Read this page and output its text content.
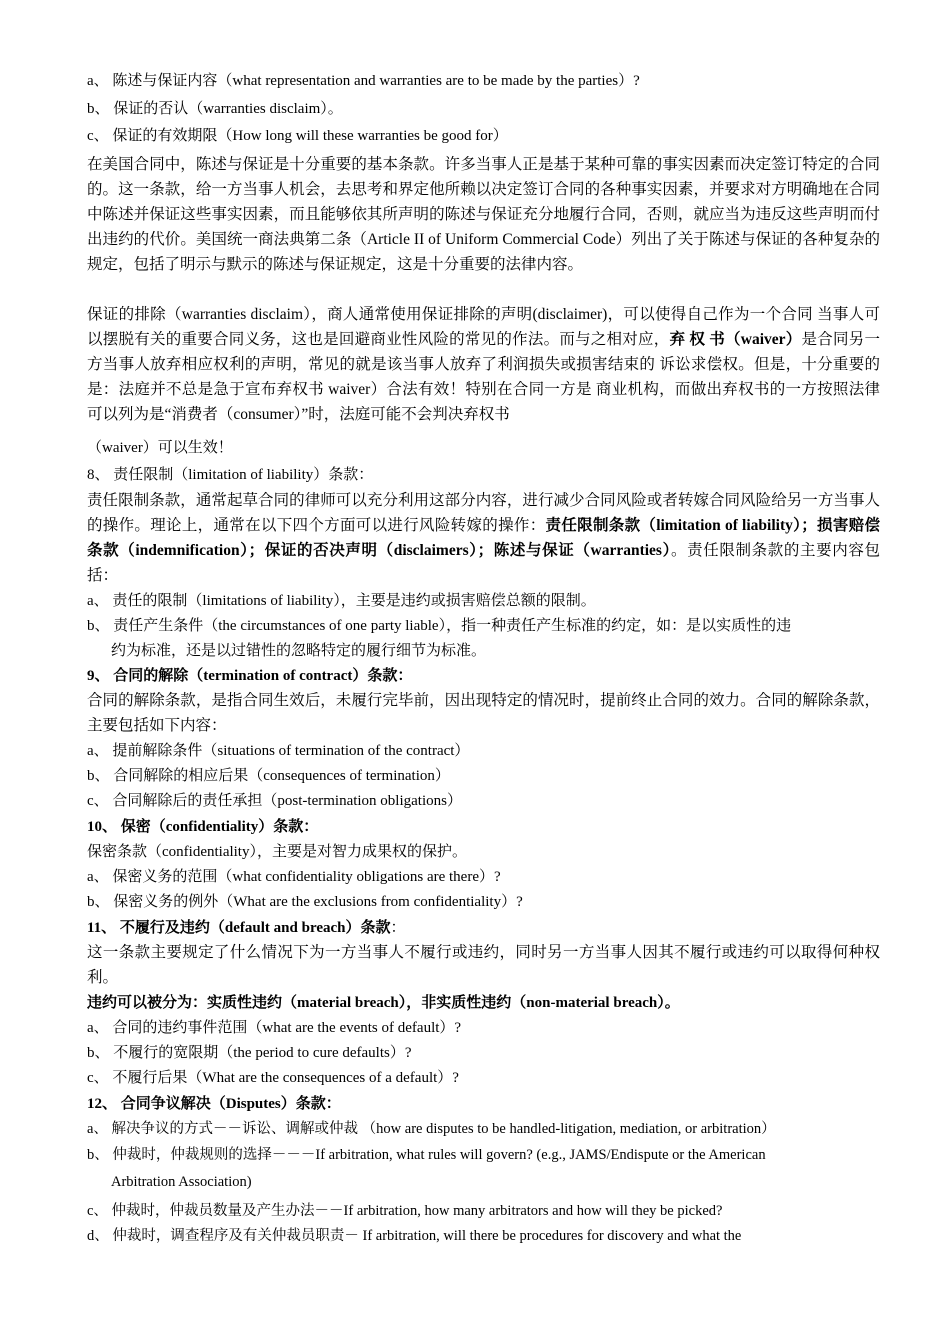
a、 陈述与保证内容（what representation and warranties are to be made by the parties）?
b、 保证的否认（warranties disclaim）。
c、 保证的有效期限（How long will these warranties be good for）
在美国合同中，陈述与保证是十分重要的基本条款。许多当事人正是基于某种可靠的事实因素而决定签订特定的合同的。这一条款，给一方当事人机会，去思考和界定他所赖以决定签订合同的各种事实因素，并要求对方明确地在合同中陈述并保证这些事实因素，而且能够依其所声明的陈述与保证充分地履行合同，否则，就应当为违反这些声明而付出违约的代价。美国统一商法典第二条（Article II of Uniform Commercial Code）列出了关于陈述与保证的各种复杂的规定，包括了明示与默示的陈述与保证规定，这是十分重要的法律内容。
保证的排除（warranties disclaim），商人通常使用保证排除的声明(disclaimer)，可以使得自己作为一个合同 当事人可以摆脱有关的重要合同义务，这也是回避商业性风险的常见的作法。而与之相对应，弃 权 书（waiver）是合同另一方当事人放弃相应权利的声明，常见的就是该当事人放弃了利润损失或损害结束的 诉讼求偿权。但是，十分重要的是：法庭并不总是急于宣布弃权书 waiver）合法有效！特别在合同一方是 商业机构，而做出弃权书的一方按照法律可以列为是“消费者（consumer）”时，法庭可能不会判决弃权书
（waiver）可以生效！
8、 责任限制（limitation of liability）条款：
责任限制条款，通常起草合同的律师可以充分利用这部分内容，进行减少合同风险或者转嫁合同风险给另一方当事人的操作。理论上，通常在以下四个方面可以进行风险转嫁的操作：责任限制条款（limitation of liability）；损害赔偿条款（indemnification）；保证的否决声明（disclaimers）；陈述与保证（warranties）。责任限制条款的主要内容包括：
a、 责任的限制（limitations of liability），主要是违约或损害赔偿总额的限制。
b、 责任产生条件（the circumstances of one party liable），指一种责任产生标准的约定，如：是以实质性的违
约为标准，还是以过错性的忽略特定的履行细节为标准。
9、 合同的解除（termination of contract）条款：
合同的解除条款，是指合同生效后，未履行完毕前，因出现特定的情况时，提前终止合同的效力。合同的解除条款，主要包括如下内容：
a、 提前解除条件（situations of termination of the contract）
b、 合同解除的相应后果（consequences of termination）
c、 合同解除后的责任承担（post-termination obligations）
10、 保密（confidentiality）条款：
保密条款（confidentiality），主要是对智力成果权的保护。
a、 保密义务的范围（what confidentiality obligations are there）?
b、 保密义务的例外（What are the exclusions from confidentiality）?
11、 不履行及违约（default and breach）条款：
这一条款主要规定了什么情况下为一方当事人不履行或违约，同时另一方当事人因其不履行或违约可以取得何种权利。
违约可以被分为：实质性违约（material breach），非实质性违约（non-material breach）。
a、 合同的违约事件范围（what are the events of default）?
b、 不履行的宽限期（the period to cure defaults）?
c、 不履行后果（What are the consequences of a default）?
12、 合同争议解决（Disputes）条款：
a、 解决争议的方式－－诉讼、调解或仲裁 （how are disputes to be handled-litigation, mediation, or arbitration）
b、 仲裁时，仲裁规则的选择－－－If arbitration, what rules will govern? (e.g., JAMS/Endispute or the American
Arbitration Association)
c、 仲裁时，仲裁员数量及产生办法－－If arbitration, how many arbitrators and how will they be picked?
d、 仲裁时，调查程序及有关仲裁员职责－ If arbitration, will there be procedures for discovery and what the
